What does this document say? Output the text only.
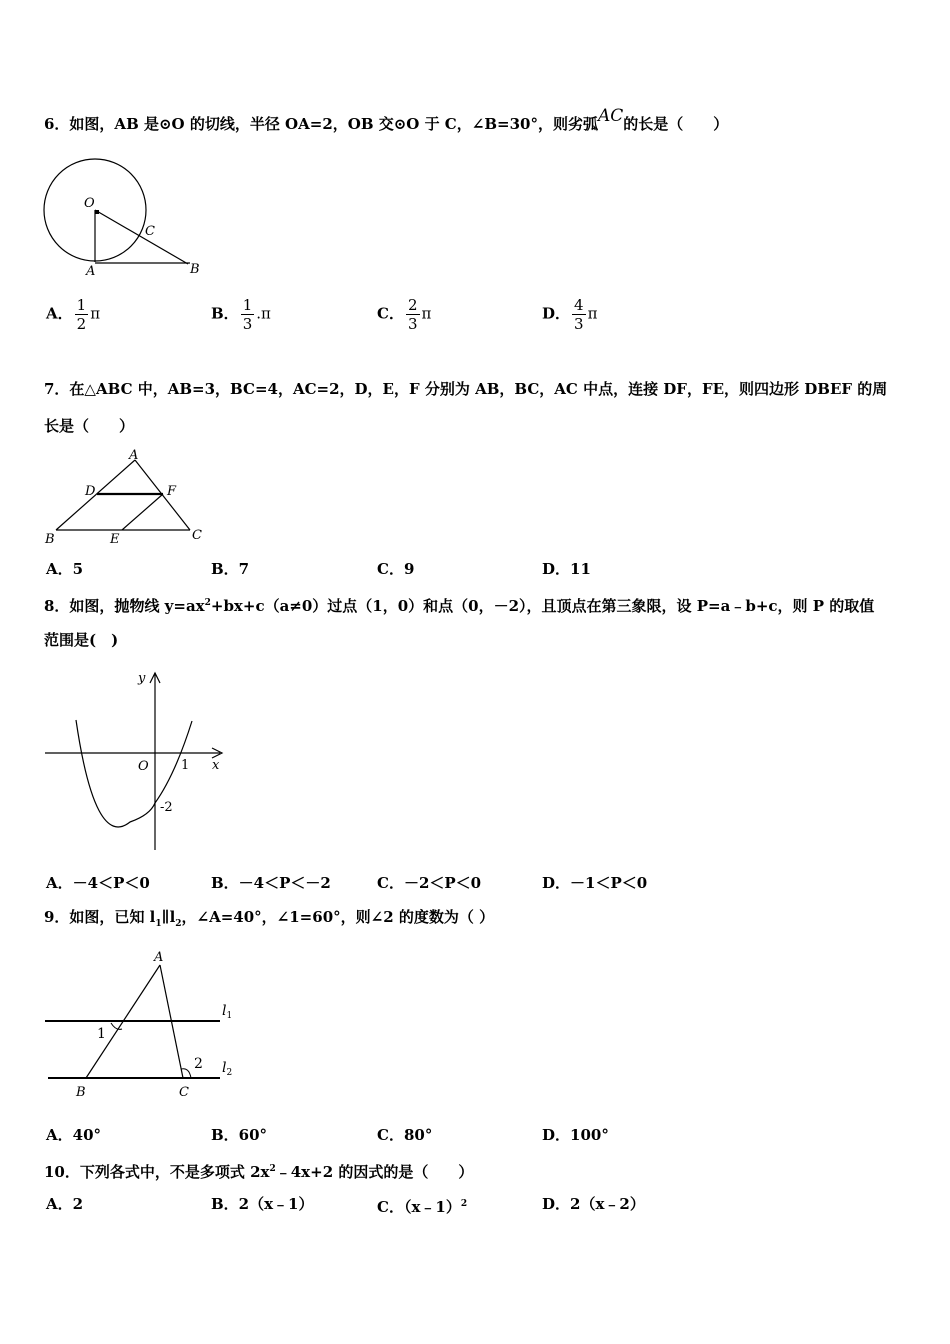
6．如图，AB 是⊙O 的切线，半径 OA=2，OB 交⊙O 于 C，∠B=30°，则劣弧AC的长是（　　）
O
C
A	B
A． $\frac{1}{2}$ π	B． $\frac{1}{3} .\pi$	C． $\frac{2}{3}$ π	D． $\frac{4}{3}$ π
7．在△ABC 中，AB=3，BC=4，AC=2，D，E，F 分别为 AB，BC，AC 中点，连接 DF，FE，则四边形 DBEF 的周
长是（　　）
A
D	F
B	E	C
A．5	B．7	C．9	D．11
8．如图，抛物线 $y=ax^2+bx+c(a\ne 0)$过点（1，0）和点（0，－2），且顶点在第三象限，设 P=a﹣b+c，则 P 的取值
范围是(　)
y
x
O 1
-2
A．－4＜P＜0	B．－4＜P＜－2	C．－2＜P＜0	D．－1＜P＜0
9．如图，已知 $l_1\parallel l_2$，∠A=40°，∠1=60°，则∠2 的度数为（ ）
A
$l_1$
$l_2$
1
2
B	C
A．40°	B．60°	C．80°	D．100°
10．下列各式中，不是多项式 $2x^2﹣4x+2$ 的因式的是（　　）
A．2	B．2（x﹣1）	C．（x﹣1）$^2$	D．2（x﹣2）
